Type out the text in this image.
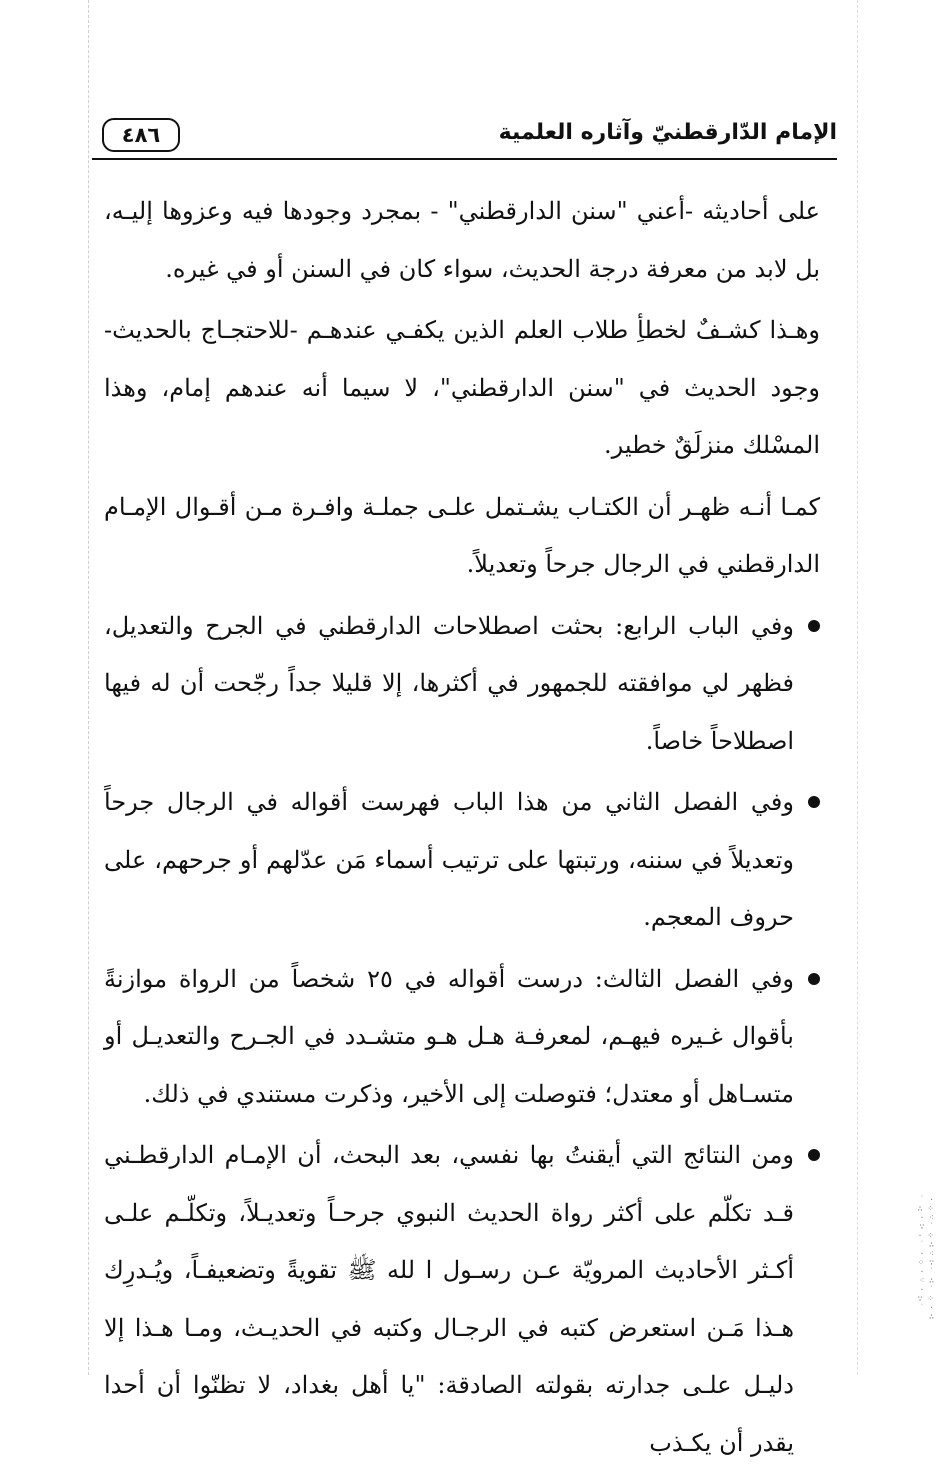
الإمام الدّارقطنيّ وآثاره العلمية
٤٨٦

على أحاديثه -أعني "سنن الدارقطني" - بمجرد وجودها فيه وعزوها إليـه، بل لابد من معرفة درجة الحديث، سواء كان في السنن أو في غيره.

وهـذا كشـفٌ لخطأِ طلاب العلم الذين يكفـي عندهـم -للاحتجـاج بالحديث- وجود الحديث في "سنن الدارقطني"، لا سيما أنه عندهم إمام، وهذا المسْلك منزلَقٌ خطير.

كمـا أنـه ظهـر أن الكتـاب يشـتمل علـى جملـة وافـرة مـن أقـوال الإمـام الدارقطني في الرجال جرحاً وتعديلاً.

وفي الباب الرابع: بحثت اصطلاحات الدارقطني في الجرح والتعديل، فظهر لي موافقته للجمهور في أكثرها، إلا قليلا جداً رجّحت أن له فيها اصطلاحاً خاصاً.
وفي الفصل الثاني من هذا الباب فهرست أقواله في الرجال جرحاً وتعديلاً في سننه، ورتبتها على ترتيب أسماء مَن عدّلهم أو جرحهم، على حروف المعجم.
وفي الفصل الثالث: درست أقواله في ٢٥ شخصاً من الرواة موازنةً بأقوال غـيره فيهـم، لمعرفـة هـل هـو متشـدد في الجـرح والتعديـل أو متسـاهل أو معتدل؛ فتوصلت إلى الأخير، وذكرت مستندي في ذلك.
ومن النتائج التي أيقنتُ بها نفسي، بعد البحث، أن الإمـام الدارقطـني قـد تكلّم على أكثر رواة الحديث النبوي جرحـاً وتعديـلاً، وتكلّـم علـى أكـثر الأحاديث المرويّة عـن رسـول ا لله ﷺ تقويةً وتضعيفـاً، ويُـدرِك هـذا مَـن استعرض كتبه في الرجـال وكتبه في الحديـث، ومـا هـذا إلا دليـل علـى جدارته بقولته الصادقة: "يا أهل بغداد، لا تظنّوا أن أحدا يقدر أن يكـذب
· ˙ ⁘ ∴ ⁖ · ˙ ∵ ⁘ · ∴ ˙ ⁖ · ∵ ⁘ ˙ · ∴ ⁖ ˙ · ⁘ ∵ · ˙ ∴
